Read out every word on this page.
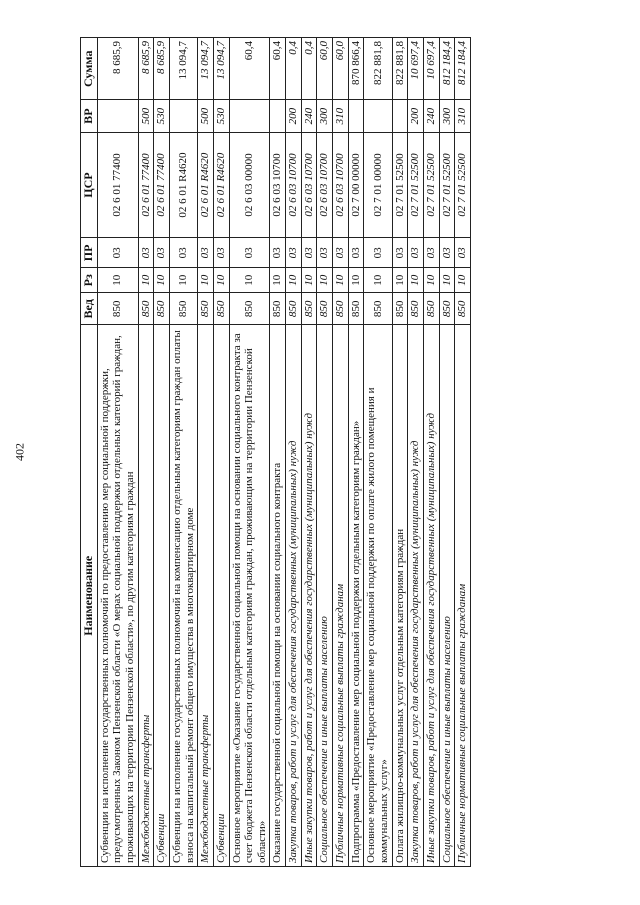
402
Наименование	Вед	Рз	ПР	ЦСР	ВР	Сумма
Субвенции на исполнение государственных полномочий по предоставлению мер социальной поддержки, предусмотренных Законом Пензенской области «О мерах социальной поддержки отдельных категорий граждан, проживающих на территории Пензенской области», по другим категориям граждан	850	10	03	02 6 01 77400		8 685,9
Межбюджетные трансферты	850	10	03	02 6 01 77400	500	8 685,9
Субвенции	850	10	03	02 6 01 77400	530	8 685,9
Субвенции на исполнение государственных полномочий на компенсацию отдельным категориям граждан оплаты взноса на капитальный ремонт общего имущества в многоквартирном доме	850	10	03	02 6 01 R4620		13 094,7
Межбюджетные трансферты	850	10	03	02 6 01 R4620	500	13 094,7
Субвенции	850	10	03	02 6 01 R4620	530	13 094,7
Основное мероприятие «Оказание государственной социальной помощи на основании социального контракта за счет бюджета Пензенской области отдельным категориям граждан, проживающим на территории Пензенской области»	850	10	03	02 6 03 00000		60,4
Оказание государственной социальной помощи на основании социального контракта	850	10	03	02 6 03 10700		60,4
Закупка товаров, работ и услуг для обеспечения государственных (муниципальных) нужд	850	10	03	02 6 03 10700	200	0,4
Иные закупки товаров, работ и услуг для обеспечения государственных (муниципальных) нужд	850	10	03	02 6 03 10700	240	0,4
Социальное обеспечение и иные выплаты населению	850	10	03	02 6 03 10700	300	60,0
Публичные нормативные социальные выплаты гражданам	850	10	03	02 6 03 10700	310	60,0
Подпрограмма «Предоставление мер социальной поддержки отдельным категориям граждан»	850	10	03	02 7 00 00000		870 866,4
Основное мероприятие «Предоставление мер социальной поддержки по оплате жилого помещения и коммунальных услуг»	850	10	03	02 7 01 00000		822 881,8
Оплата жилищно-коммунальных услуг отдельным категориям граждан	850	10	03	02 7 01 52500		822 881,8
Закупка товаров, работ и услуг для обеспечения государственных (муниципальных) нужд	850	10	03	02 7 01 52500	200	10 697,4
Иные закупки товаров, работ и услуг для обеспечения государственных (муниципальных) нужд	850	10	03	02 7 01 52500	240	10 697,4
Социальное обеспечение и иные выплаты населению	850	10	03	02 7 01 52500	300	812 184,4
Публичные нормативные социальные выплаты гражданам	850	10	03	02 7 01 52500	310	812 184,4
